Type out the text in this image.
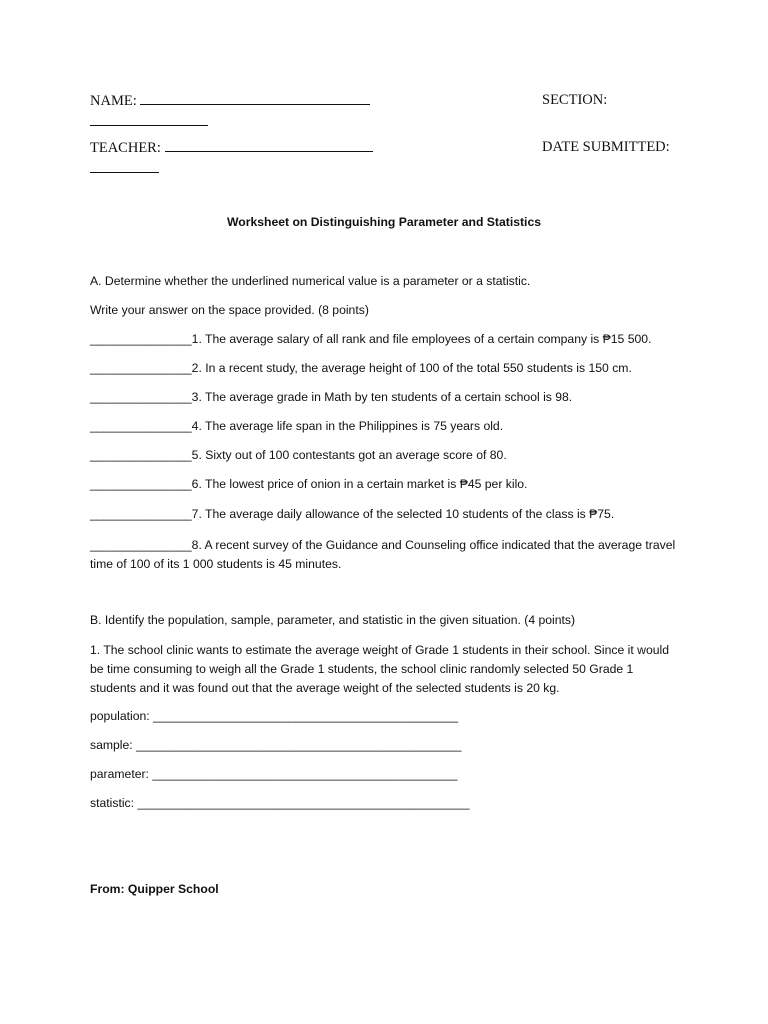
NAME:	SECTION:
TEACHER:	DATE SUBMITTED:
Worksheet on Distinguishing Parameter and Statistics
A. Determine whether the underlined numerical value is a parameter or a statistic.
Write your answer on the space provided. (8 points)
_______________1. The average salary of all rank and file employees of a certain company is ₱15 500.
_______________2. In a recent study, the average height of 100 of the total 550 students is 150 cm.
_______________3. The average grade in Math by ten students of a certain school is 98.
_______________4. The average life span in the Philippines is 75 years old.
_______________5. Sixty out of 100 contestants got an average score of 80.
_______________6. The lowest price of onion in a certain market is ₱45 per kilo.
_______________7. The average daily allowance of the selected 10 students of the class is ₱75.
_______________8. A recent survey of the Guidance and Counseling office indicated that the average travel time of 100 of its 1 000 students is 45 minutes.
B. Identify the population, sample, parameter, and statistic in the given situation. (4 points)
1. The school clinic wants to estimate the average weight of Grade 1 students in their school. Since it would be time consuming to weigh all the Grade 1 students, the school clinic randomly selected 50 Grade 1 students and it was found out that the average weight of the selected students is 20 kg.
population: _____________________________________________
sample: ________________________________________________
parameter: _____________________________________________
statistic: _________________________________________________
From: Quipper School
